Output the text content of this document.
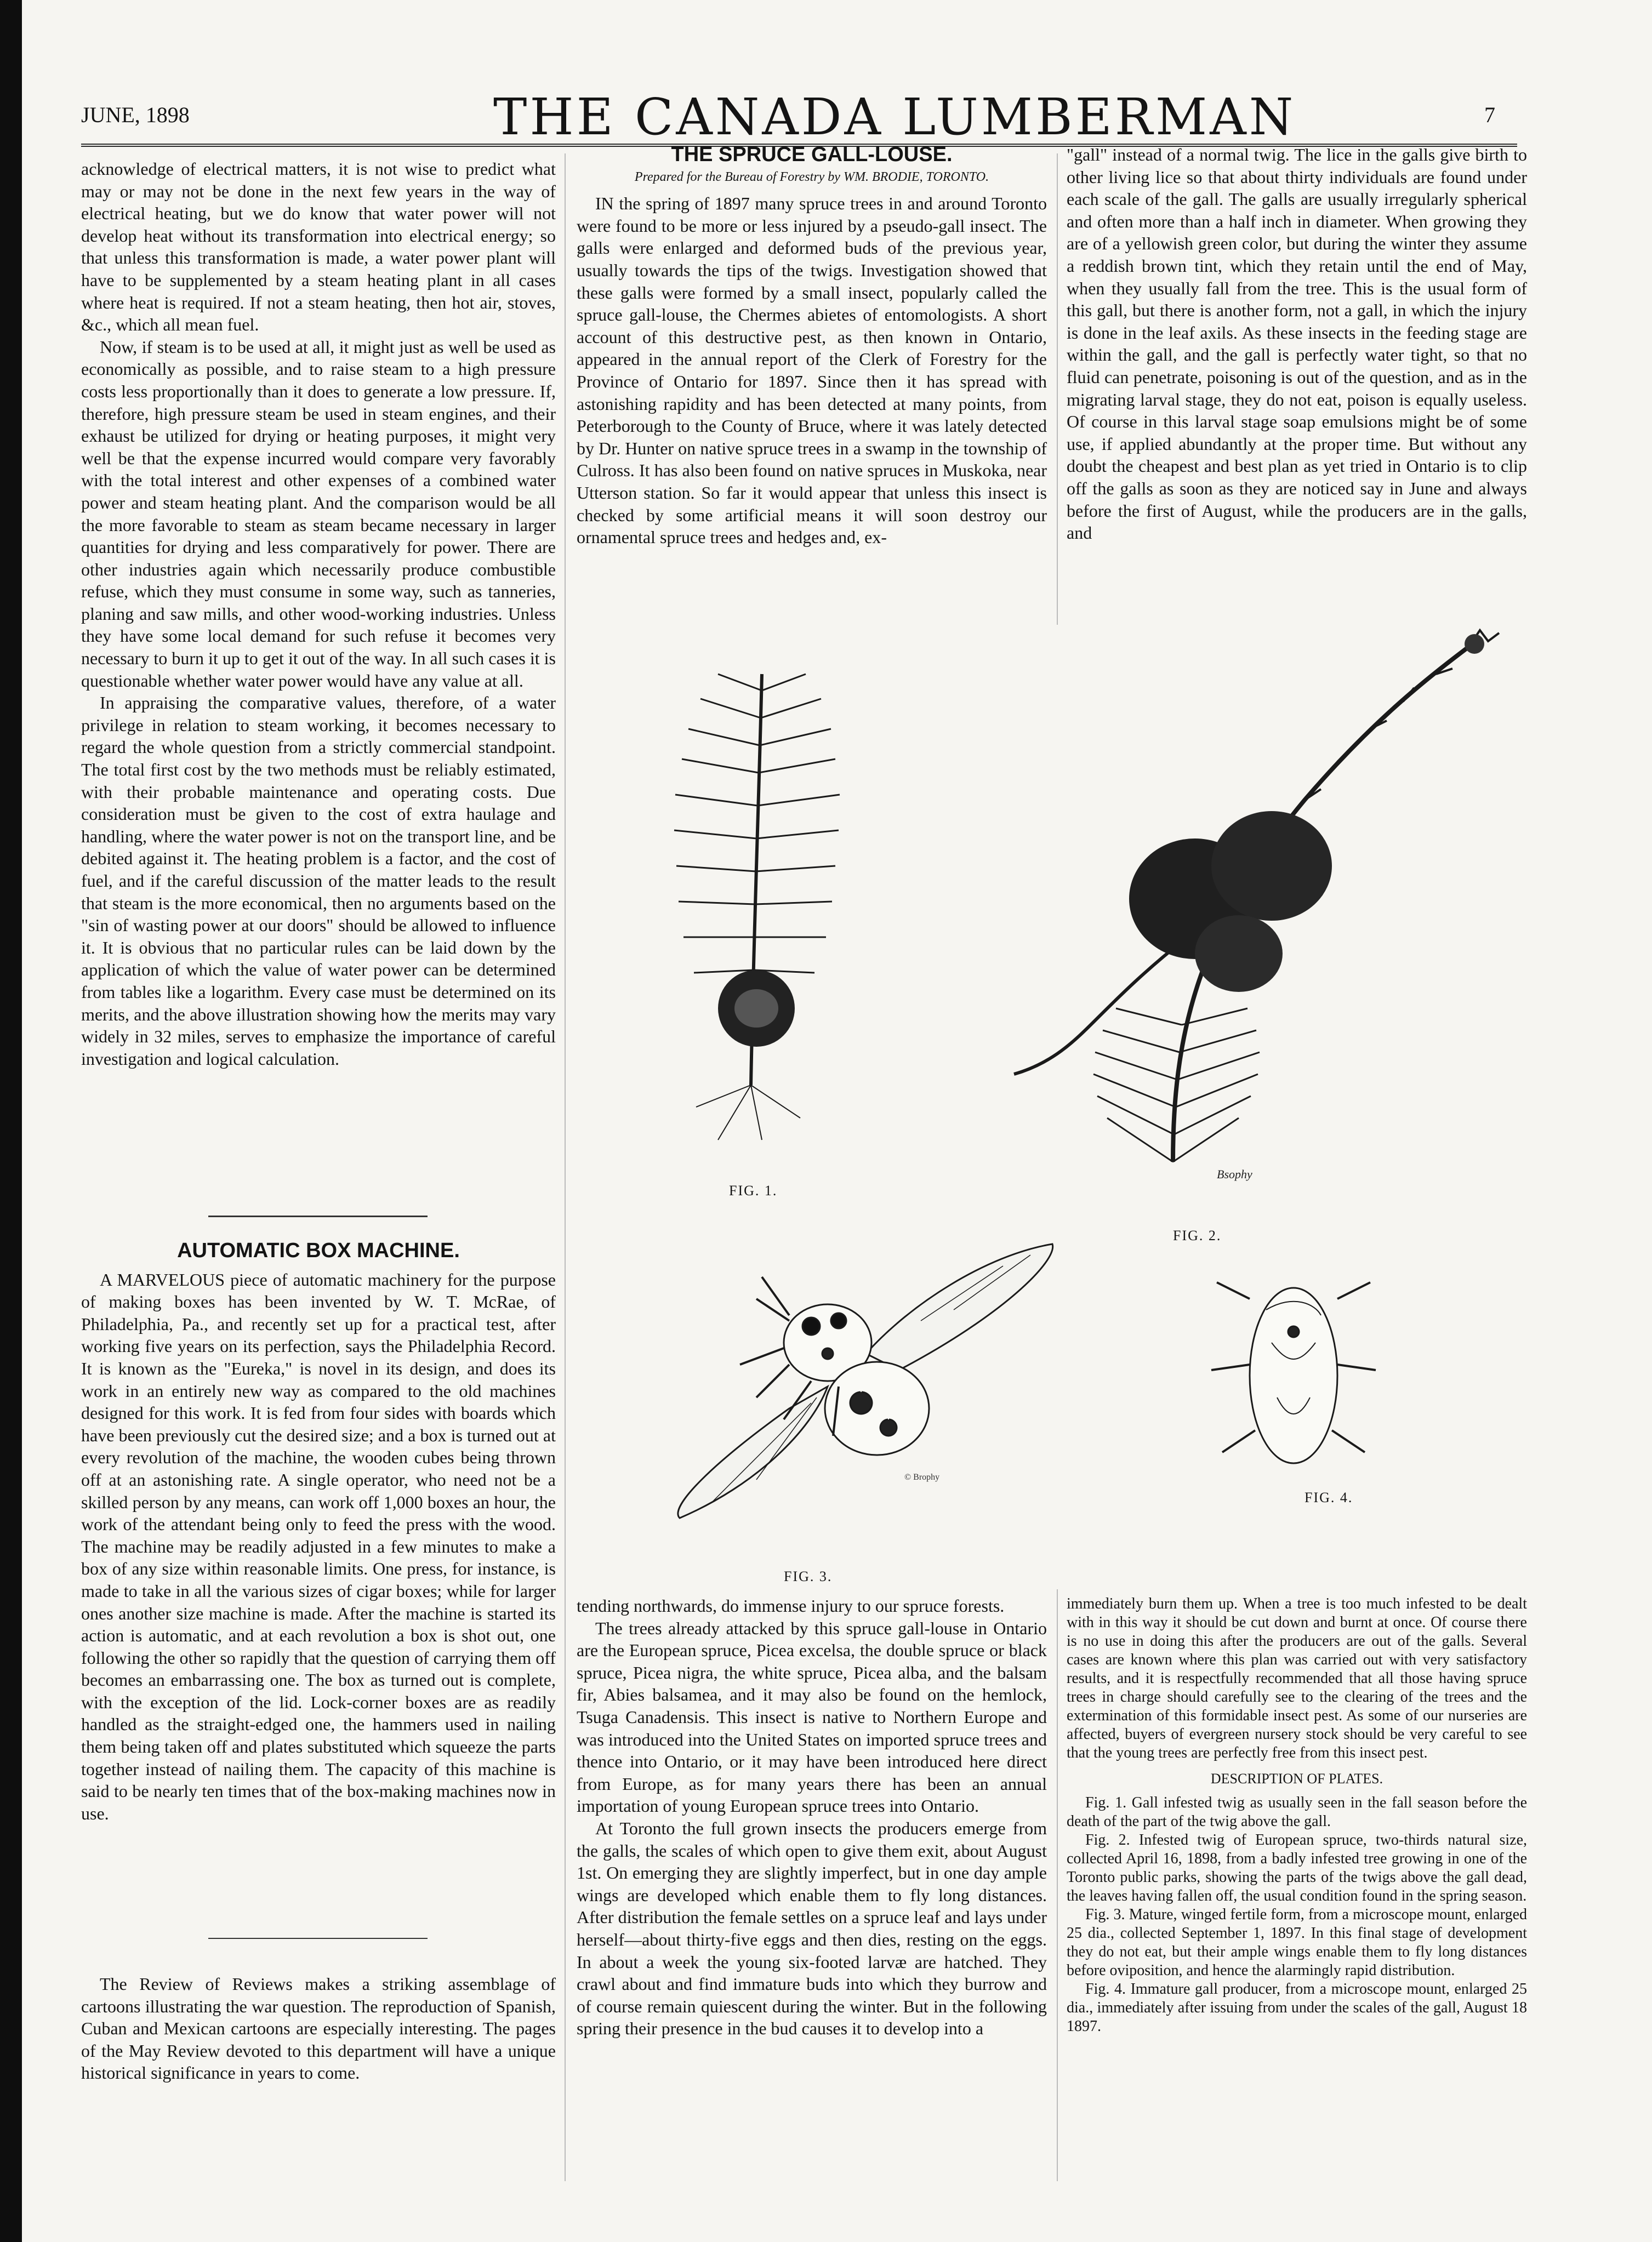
JUNE, 1898	THE CANADA LUMBERMAN	7

acknowledge of electrical matters, it is not wise to predict what may or may not be done in the next few years in the way of electrical heating, but we do know that water power will not develop heat without its transformation into electrical energy; so that unless this transformation is made, a water power plant will have to be supplemented by a steam heating plant in all cases where heat is required. If not a steam heating, then hot air, stoves, &c., which all mean fuel.

Now, if steam is to be used at all, it might just as well be used as economically as possible, and to raise steam to a high pressure costs less proportionally than it does to generate a low pressure. If, therefore, high pressure steam be used in steam engines, and their exhaust be utilized for drying or heating purposes, it might very well be that the expense incurred would compare very favorably with the total interest and other expenses of a combined water power and steam heating plant. And the comparison would be all the more favorable to steam as steam became necessary in larger quantities for drying and less comparatively for power. There are other industries again which necessarily produce combustible refuse, which they must consume in some way, such as tanneries, planing and saw mills, and other wood-working industries. Unless they have some local demand for such refuse it becomes very necessary to burn it up to get it out of the way. In all such cases it is questionable whether water power would have any value at all.

In appraising the comparative values, therefore, of a water privilege in relation to steam working, it becomes necessary to regard the whole question from a strictly commercial standpoint. The total first cost by the two methods must be reliably estimated, with their probable maintenance and operating costs. Due consideration must be given to the cost of extra haulage and handling, where the water power is not on the transport line, and be debited against it. The heating problem is a factor, and the cost of fuel, and if the careful discussion of the matter leads to the result that steam is the more economical, then no arguments based on the "sin of wasting power at our doors" should be allowed to influence it. It is obvious that no particular rules can be laid down by the application of which the value of water power can be determined from tables like a logarithm. Every case must be determined on its merits, and the above illustration showing how the merits may vary widely in 32 miles, serves to emphasize the importance of careful investigation and logical calculation.

AUTOMATIC BOX MACHINE.

A MARVELOUS piece of automatic machinery for the purpose of making boxes has been invented by W. T. McRae, of Philadelphia, Pa., and recently set up for a practical test, after working five years on its perfection, says the Philadelphia Record. It is known as the "Eureka," is novel in its design, and does its work in an entirely new way as compared to the old machines designed for this work. It is fed from four sides with boards which have been previously cut the desired size; and a box is turned out at every revolution of the machine, the wooden cubes being thrown off at an astonishing rate. A single operator, who need not be a skilled person by any means, can work off 1,000 boxes an hour, the work of the attendant being only to feed the press with the wood. The machine may be readily adjusted in a few minutes to make a box of any size within reasonable limits. One press, for instance, is made to take in all the various sizes of cigar boxes; while for larger ones another size machine is made. After the machine is started its action is automatic, and at each revolution a box is shot out, one following the other so rapidly that the question of carrying them off becomes an embarrassing one. The box as turned out is complete, with the exception of the lid. Lock-corner boxes are as readily handled as the straight-edged one, the hammers used in nailing them being taken off and plates substituted which squeeze the parts together instead of nailing them. The capacity of this machine is said to be nearly ten times that of the box-making machines now in use.

The Review of Reviews makes a striking assemblage of cartoons illustrating the war question. The reproduction of Spanish, Cuban and Mexican cartoons are especially interesting. The pages of the May Review devoted to this department will have a unique historical significance in years to come.

THE SPRUCE GALL-LOUSE.
Prepared for the Bureau of Forestry by WM. BRODIE, TORONTO.

IN the spring of 1897 many spruce trees in and around Toronto were found to be more or less injured by a pseudo-gall insect. The galls were enlarged and deformed buds of the previous year, usually towards the tips of the twigs. Investigation showed that these galls were formed by a small insect, popularly called the spruce gall-louse, the Chermes abietes of entomologists. A short account of this destructive pest, as then known in Ontario, appeared in the annual report of the Clerk of Forestry for the Province of Ontario for 1897. Since then it has spread with astonishing rapidity and has been detected at many points, from Peterborough to the County of Bruce, where it was lately detected by Dr. Hunter on native spruce trees in a swamp in the township of Culross. It has also been found on native spruces in Muskoka, near Utterson station. So far it would appear that unless this insect is checked by some artificial means it will soon destroy our ornamental spruce trees and hedges and, ex-

"gall" instead of a normal twig. The lice in the galls give birth to other living lice so that about thirty individuals are found under each scale of the gall. The galls are usually irregularly spherical and often more than a half inch in diameter. When growing they are of a yellowish green color, but during the winter they assume a reddish brown tint, which they retain until the end of May, when they usually fall from the tree. This is the usual form of this gall, but there is another form, not a gall, in which the injury is done in the leaf axils. As these insects in the feeding stage are within the gall, and the gall is perfectly water tight, so that no fluid can penetrate, poisoning is out of the question, and as in the migrating larval stage, they do not eat, poison is equally useless. Of course in this larval stage soap emulsions might be of some use, if applied abundantly at the proper time. But without any doubt the cheapest and best plan as yet tried in Ontario is to clip off the galls as soon as they are noticed say in June and always before the first of August, while the producers are in the galls, and

Bsophy
FIG. 1.
FIG. 2.
© Brophy
FIG. 3.
FIG. 4.

tending northwards, do immense injury to our spruce forests.

The trees already attacked by this spruce gall-louse in Ontario are the European spruce, Picea excelsa, the double spruce or black spruce, Picea nigra, the white spruce, Picea alba, and the balsam fir, Abies balsamea, and it may also be found on the hemlock, Tsuga Canadensis. This insect is native to Northern Europe and was introduced into the United States on imported spruce trees and thence into Ontario, or it may have been introduced here direct from Europe, as for many years there has been an annual importation of young European spruce trees into Ontario.

At Toronto the full grown insects the producers emerge from the galls, the scales of which open to give them exit, about August 1st. On emerging they are slightly imperfect, but in one day ample wings are developed which enable them to fly long distances. After distribution the female settles on a spruce leaf and lays under herself—about thirty-five eggs and then dies, resting on the eggs. In about a week the young six-footed larvæ are hatched. They crawl about and find immature buds into which they burrow and of course remain quiescent during the winter. But in the following spring their presence in the bud causes it to develop into a

immediately burn them up. When a tree is too much infested to be dealt with in this way it should be cut down and burnt at once. Of course there is no use in doing this after the producers are out of the galls. Several cases are known where this plan was carried out with very satisfactory results, and it is respectfully recommended that all those having spruce trees in charge should carefully see to the clearing of the trees and the extermination of this formidable insect pest. As some of our nurseries are affected, buyers of evergreen nursery stock should be very careful to see that the young trees are perfectly free from this insect pest.

DESCRIPTION OF PLATES.

Fig. 1. Gall infested twig as usually seen in the fall season before the death of the part of the twig above the gall.

Fig. 2. Infested twig of European spruce, two-thirds natural size, collected April 16, 1898, from a badly infested tree growing in one of the Toronto public parks, showing the parts of the twigs above the gall dead, the leaves having fallen off, the usual condition found in the spring season.

Fig. 3. Mature, winged fertile form, from a microscope mount, enlarged 25 dia., collected September 1, 1897. In this final stage of development they do not eat, but their ample wings enable them to fly long distances before oviposition, and hence the alarmingly rapid distribution.

Fig. 4. Immature gall producer, from a microscope mount, enlarged 25 dia., immediately after issuing from under the scales of the gall, August 18 1897.
